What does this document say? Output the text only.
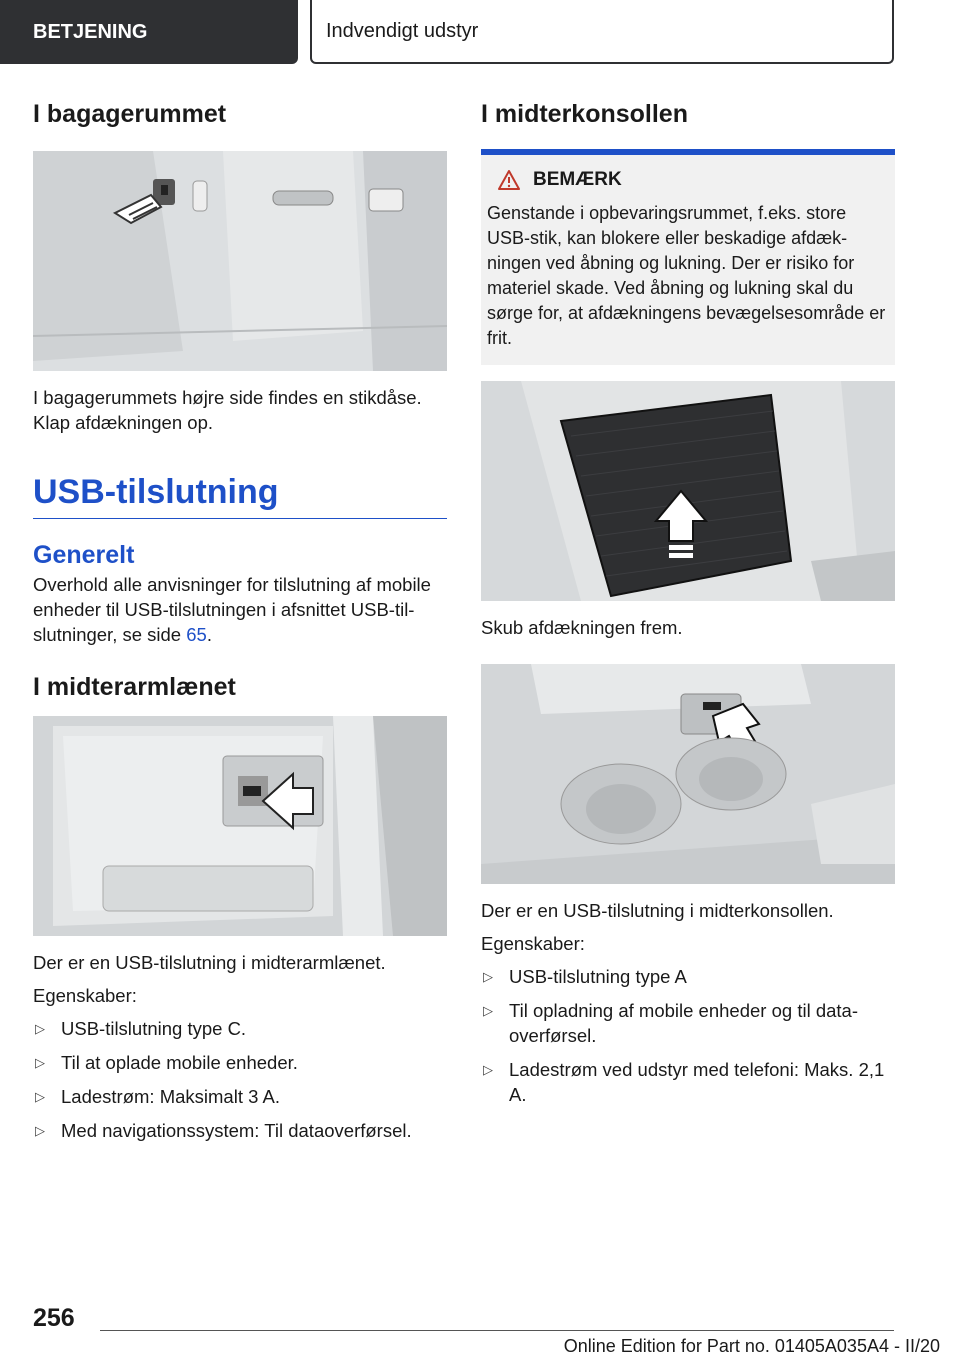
BETJENING	Indvendigt udstyr
I bagagerummet

I bagagerummets højre side findes en stikdåse. Klap afdækningen op.

USB-tilslutning
Generelt

Overhold alle anvisninger for tilslutning af mobile enheder til USB-tilslutningen i afsnittet USB-til-slutninger, se side 65.

I midterarmlænet

Der er en USB-tilslutning i midterarmlænet.

Egenskaber:

▷ USB-tilslutning type C.
▷ Til at oplade mobile enheder.
▷ Ladestrøm: Maksimalt 3 A.
▷ Med navigationssystem: Til dataoverførsel.
I midterkonsollen
BEMÆRK

Genstande i opbevaringsrummet, f.eks. store USB-stik, kan blokere eller beskadige afdæk-ningen ved åbning og lukning. Der er risiko for materiel skade. Ved åbning og lukning skal du sørge for, at afdækningens bevægelsesområde er frit.

Skub afdækningen frem.

Der er en USB-tilslutning i midterkonsollen.

Egenskaber:

▷ USB-tilslutning type A
▷ Til opladning af mobile enheder og til data-overførsel.
▷ Ladestrøm ved udstyr med telefoni: Maks. 2,1 A.
256
Online Edition for Part no. 01405A035A4 - II/20
